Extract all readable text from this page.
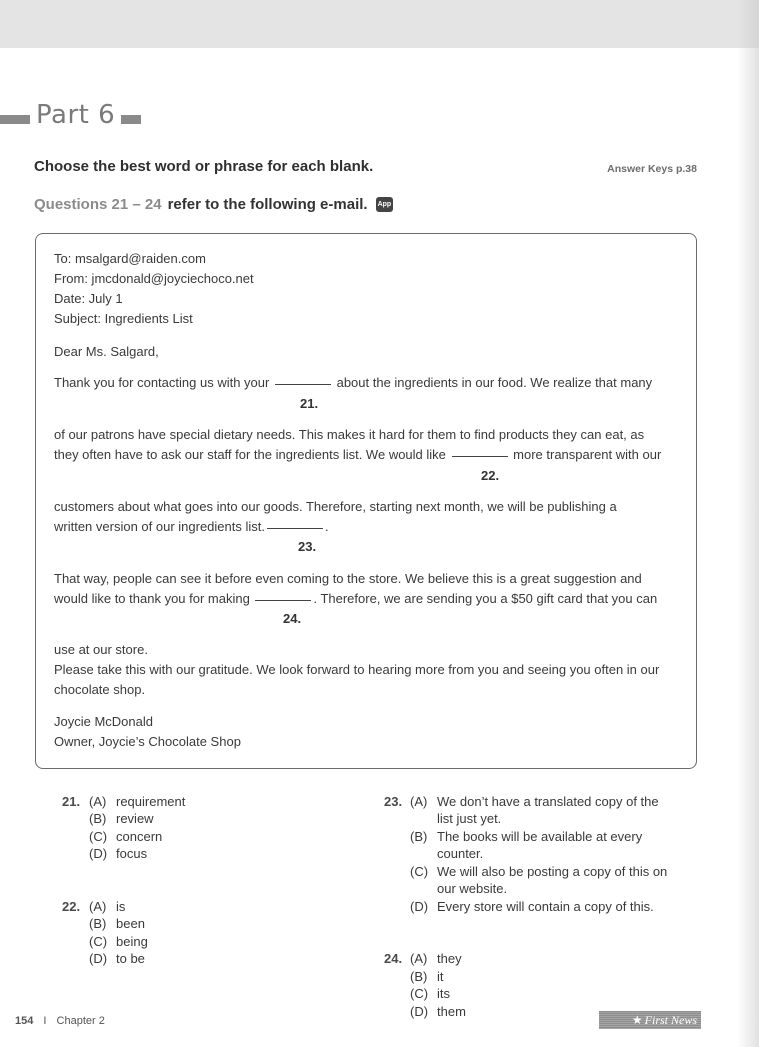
Part 6
Choose the best word or phrase for each blank.	Answer Keys p.38
Questions 21 – 24 refer to the following e-mail. App
To: msalgard@raiden.com
From: jmcdonald@joyciechoco.net
Date: July 1
Subject: Ingredients List
Dear Ms. Salgard,
Thank you for contacting us with your	about the ingredients in our food. We realize that many
21.
of our patrons have special dietary needs. This makes it hard for them to find products they can eat, as
they often have to ask our staff for the ingredients list. We would like	more transparent with our
22.
customers about what goes into our goods. Therefore, starting next month, we will be publishing a
written version of our ingredients list.	.
23.
That way, people can see it before even coming to the store. We believe this is a great suggestion and
would like to thank you for making	. Therefore, we are sending you a $50 gift card that you can
24.
use at our store.
Please take this with our gratitude. We look forward to hearing more from you and seeing you often in our
chocolate shop.
Joycie McDonald
Owner, Joycie’s Chocolate Shop
21. (A) requirement
(B) review
(C) concern
(D) focus
22. (A) is
(B) been
(C) being
(D) to be
23. (A) We don’t have a translated copy of the
list just yet.
(B) The books will be available at every
counter.
(C) We will also be posting a copy of this on
our website.
(D) Every store will contain a copy of this.
24. (A) they
(B) it
(C) its
(D) them
154 I Chapter 2	★ First News
